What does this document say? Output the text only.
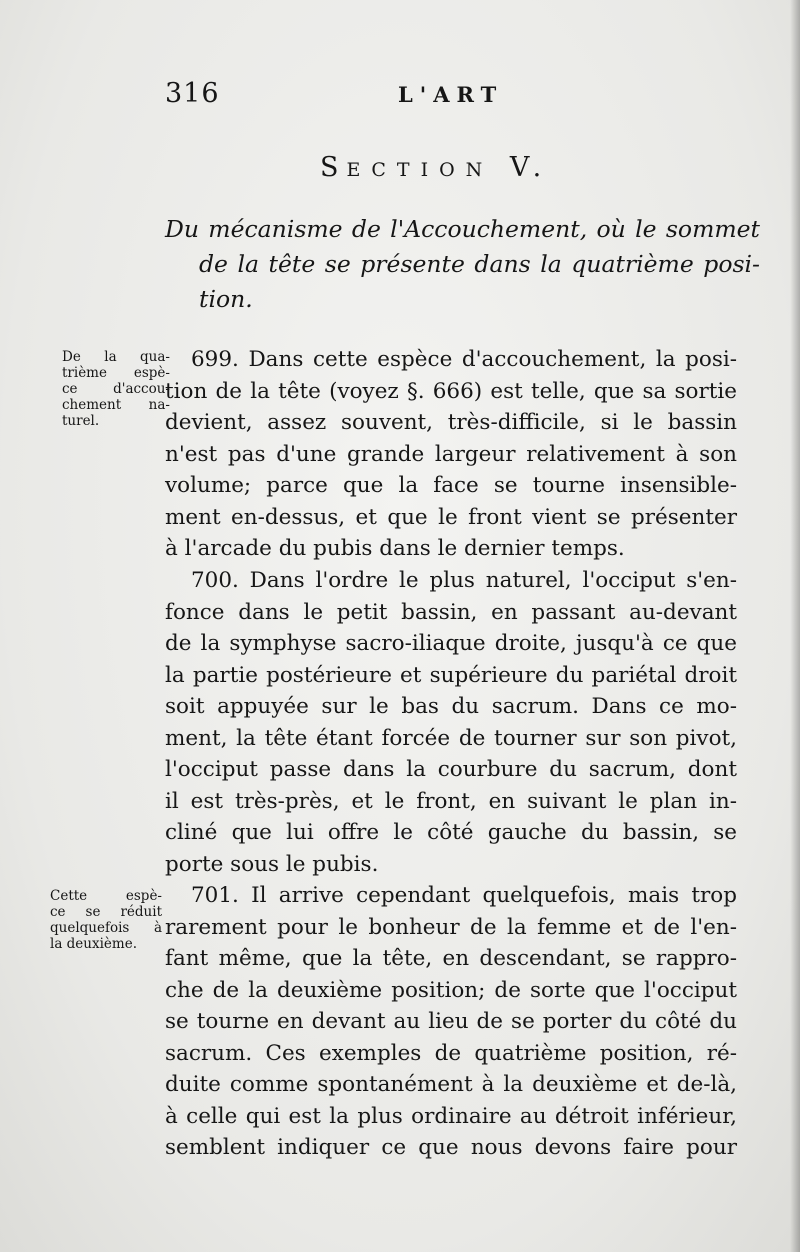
316	L'ART
SECTION V.
Du mécanisme de l'Accouchement, où le sommet
de la tête se présente dans la quatrième posi-
tion.
De la qua-
trième espè-
ce d'accou-
chement na-
turel.
Cette espè-
ce se réduit
quelquefois à
la deuxième.
699. Dans cette espèce d'accouchement, la posi-
tion de la tête (voyez §. 666) est telle, que sa sortie
devient, assez souvent, très-difficile, si le bassin
n'est pas d'une grande largeur relativement à son
volume; parce que la face se tourne insensible-
ment en-dessus, et que le front vient se présenter
à l'arcade du pubis dans le dernier temps.
700. Dans l'ordre le plus naturel, l'occiput s'en-
fonce dans le petit bassin, en passant au-devant
de la symphyse sacro-iliaque droite, jusqu'à ce que
la partie postérieure et supérieure du pariétal droit
soit appuyée sur le bas du sacrum. Dans ce mo-
ment, la tête étant forcée de tourner sur son pivot,
l'occiput passe dans la courbure du sacrum, dont
il est très-près, et le front, en suivant le plan in-
cliné que lui offre le côté gauche du bassin, se
porte sous le pubis.
701. Il arrive cependant quelquefois, mais trop
rarement pour le bonheur de la femme et de l'en-
fant même, que la tête, en descendant, se rappro-
che de la deuxième position; de sorte que l'occiput
se tourne en devant au lieu de se porter du côté du
sacrum. Ces exemples de quatrième position, ré-
duite comme spontanément à la deuxième et de-là,
à celle qui est la plus ordinaire au détroit inférieur,
semblent indiquer ce que nous devons faire pour
